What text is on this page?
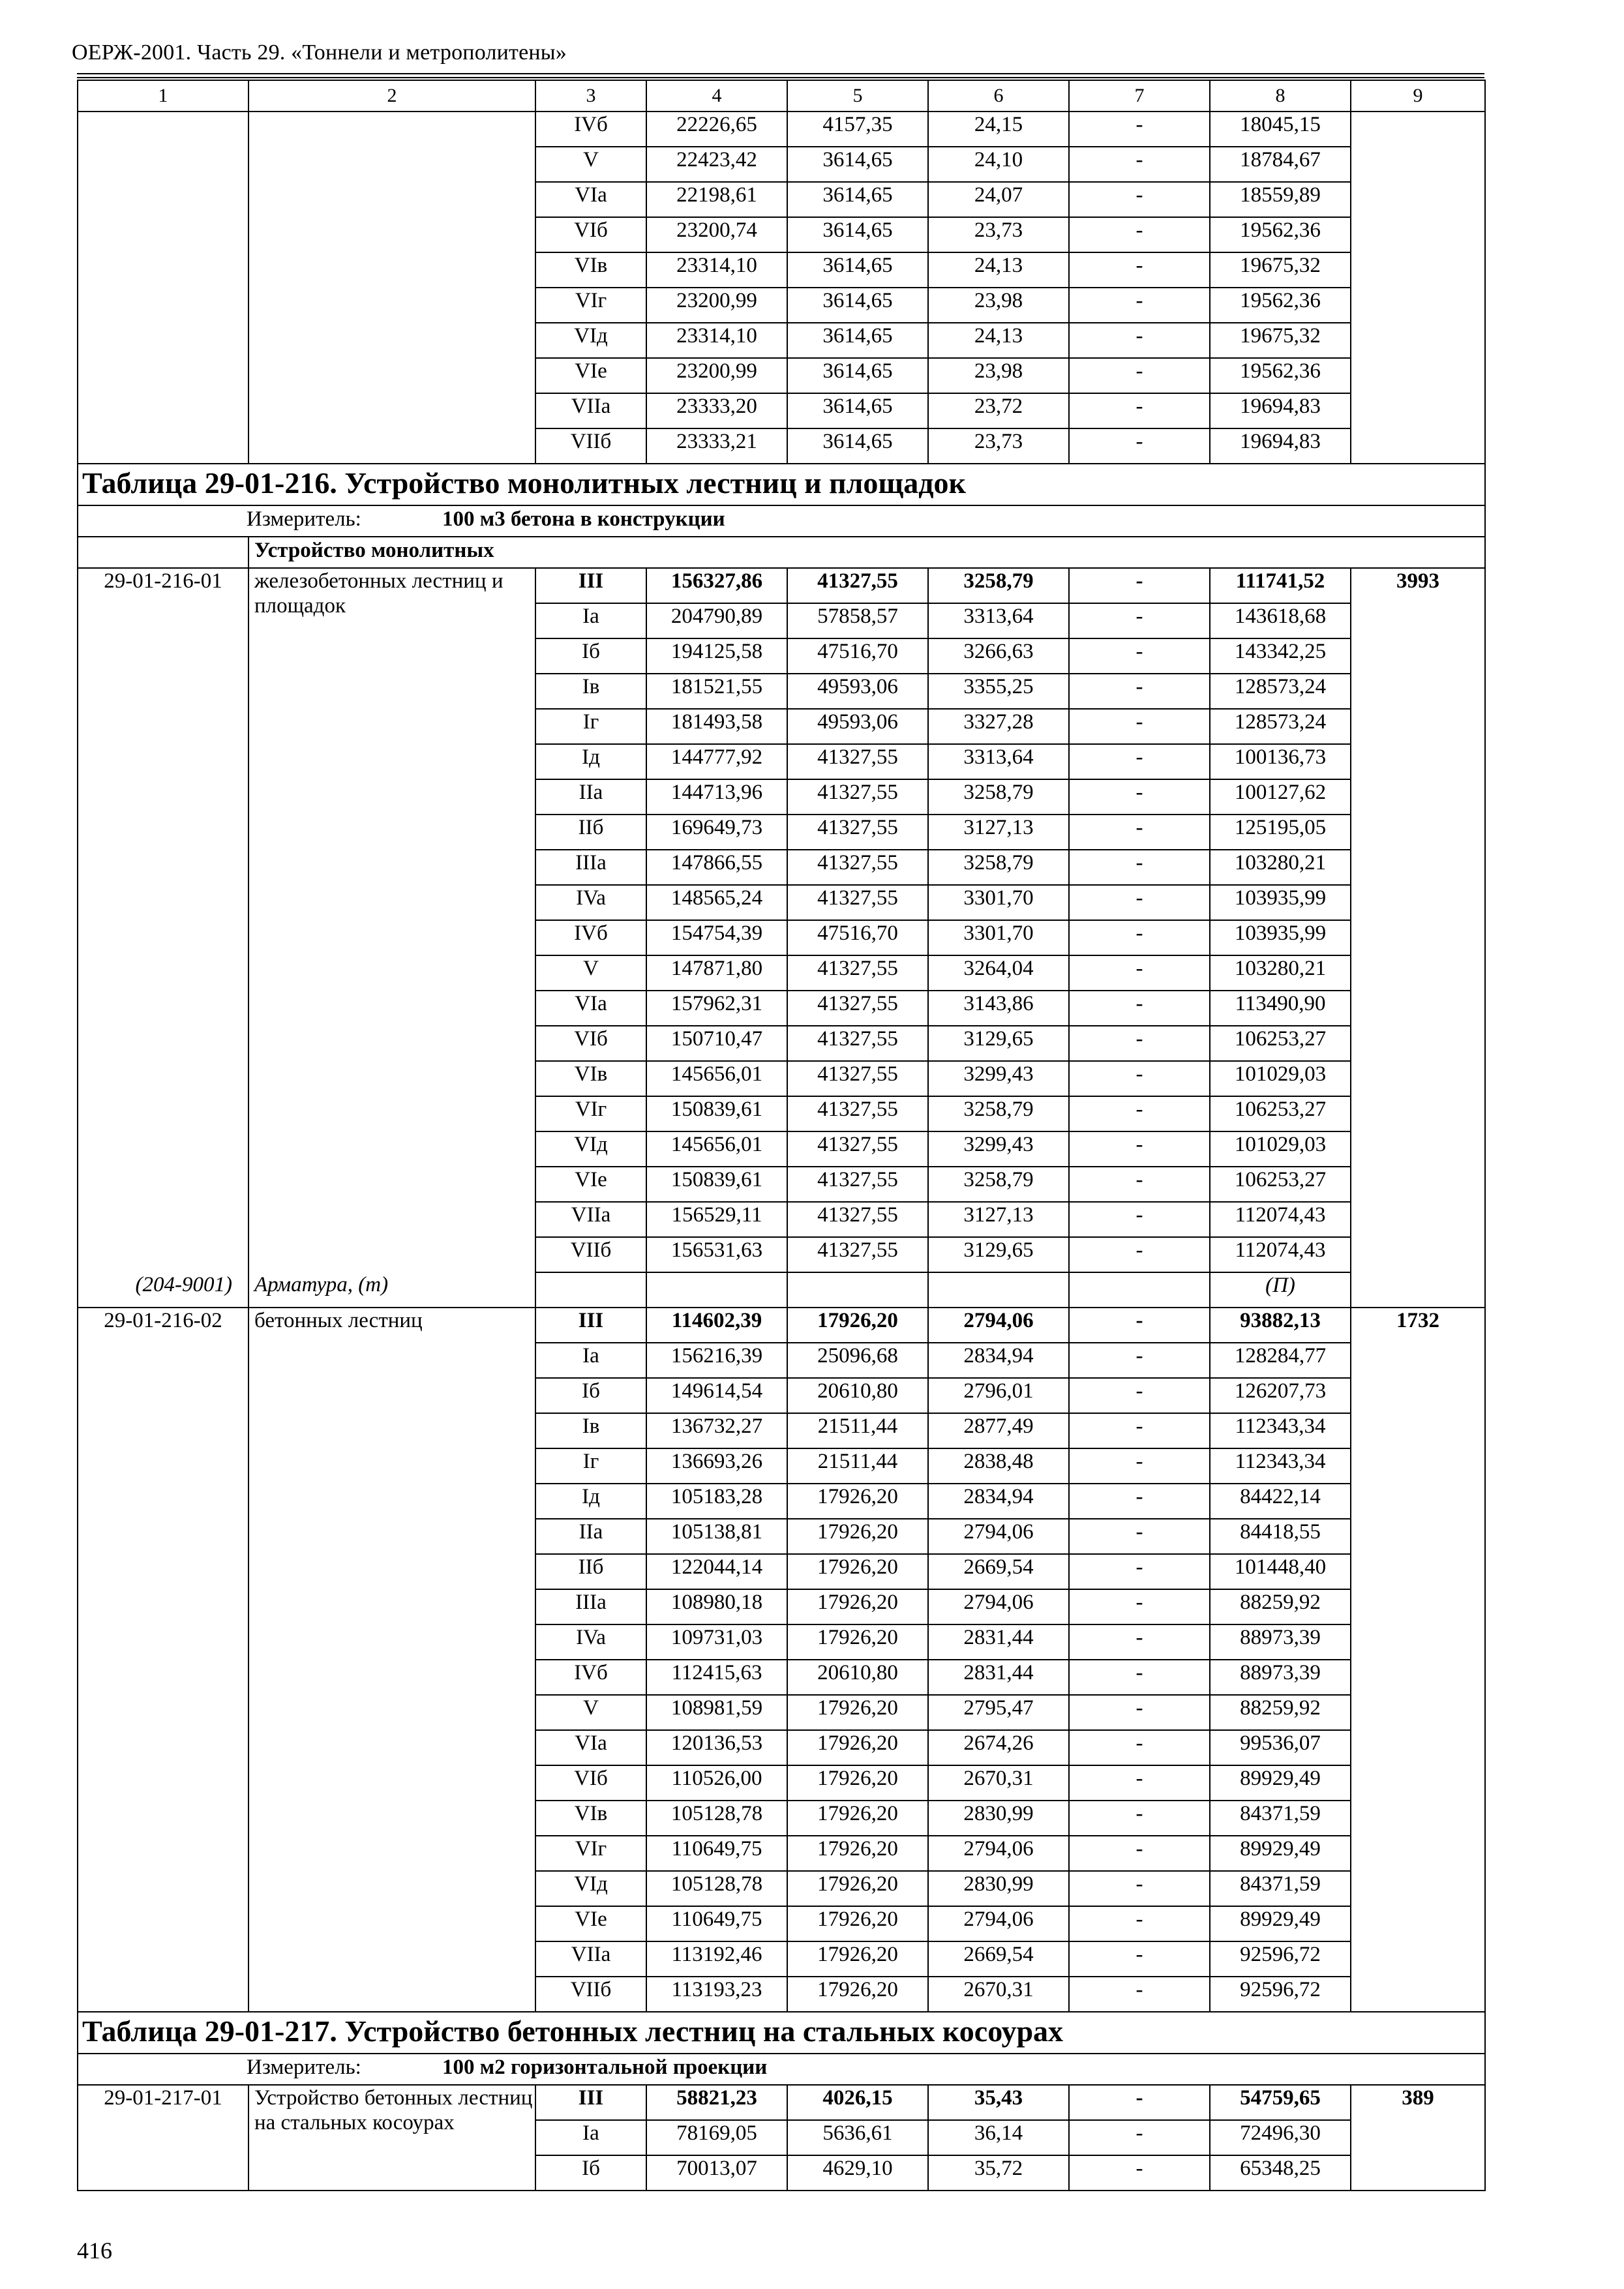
ОЕРЖ-2001. Часть 29. «Тоннели и метрополитены»
1	2	3	4	5	6	7	8	9
		IVб	22226,65	4157,35	24,15	-	18045,15	
		V	22423,42	3614,65	24,10	-	18784,67	
		VIa	22198,61	3614,65	24,07	-	18559,89	
		VIб	23200,74	3614,65	23,73	-	19562,36	
		VIв	23314,10	3614,65	24,13	-	19675,32	
		VIг	23200,99	3614,65	23,98	-	19562,36	
		VIд	23314,10	3614,65	24,13	-	19675,32	
		VIe	23200,99	3614,65	23,98	-	19562,36	
		VIIa	23333,20	3614,65	23,72	-	19694,83	
		VIIб	23333,21	3614,65	23,73	-	19694,83	
Таблица 29-01-216. Устройство монолитных лестниц и площадок								
Измеритель: 100 м3 бетона в конструкции								
	Устройство монолитных							
29-01-216-01	железобетонных лестниц и площадок	III	156327,86	41327,55	3258,79	-	111741,52	3993
		Ia	204790,89	57858,57	3313,64	-	143618,68	
		Iб	194125,58	47516,70	3266,63	-	143342,25	
		Iв	181521,55	49593,06	3355,25	-	128573,24	
		Iг	181493,58	49593,06	3327,28	-	128573,24	
		Iд	144777,92	41327,55	3313,64	-	100136,73	
		IIa	144713,96	41327,55	3258,79	-	100127,62	
		IIб	169649,73	41327,55	3127,13	-	125195,05	
		IIIa	147866,55	41327,55	3258,79	-	103280,21	
		IVa	148565,24	41327,55	3301,70	-	103935,99	
		IVб	154754,39	47516,70	3301,70	-	103935,99	
		V	147871,80	41327,55	3264,04	-	103280,21	
		VIa	157962,31	41327,55	3143,86	-	113490,90	
		VIб	150710,47	41327,55	3129,65	-	106253,27	
		VIв	145656,01	41327,55	3299,43	-	101029,03	
		VIг	150839,61	41327,55	3258,79	-	106253,27	
		VIд	145656,01	41327,55	3299,43	-	101029,03	
		VIe	150839,61	41327,55	3258,79	-	106253,27	
		VIIa	156529,11	41327,55	3127,13	-	112074,43	
		VIIб	156531,63	41327,55	3129,65	-	112074,43	
(204-9001)	Арматура, (т)						(П)	
29-01-216-02	бетонных лестниц	III	114602,39	17926,20	2794,06	-	93882,13	1732
		Ia	156216,39	25096,68	2834,94	-	128284,77	
		Iб	149614,54	20610,80	2796,01	-	126207,73	
		Iв	136732,27	21511,44	2877,49	-	112343,34	
		Iг	136693,26	21511,44	2838,48	-	112343,34	
		Iд	105183,28	17926,20	2834,94	-	84422,14	
		IIa	105138,81	17926,20	2794,06	-	84418,55	
		IIб	122044,14	17926,20	2669,54	-	101448,40	
		IIIa	108980,18	17926,20	2794,06	-	88259,92	
		IVa	109731,03	17926,20	2831,44	-	88973,39	
		IVб	112415,63	20610,80	2831,44	-	88973,39	
		V	108981,59	17926,20	2795,47	-	88259,92	
		VIa	120136,53	17926,20	2674,26	-	99536,07	
		VIб	110526,00	17926,20	2670,31	-	89929,49	
		VIв	105128,78	17926,20	2830,99	-	84371,59	
		VIг	110649,75	17926,20	2794,06	-	89929,49	
		VIд	105128,78	17926,20	2830,99	-	84371,59	
		VIe	110649,75	17926,20	2794,06	-	89929,49	
		VIIa	113192,46	17926,20	2669,54	-	92596,72	
		VIIб	113193,23	17926,20	2670,31	-	92596,72	
Таблица 29-01-217. Устройство бетонных лестниц на стальных косоурах								
Измеритель: 100 м2 горизонтальной проекции								
29-01-217-01	Устройство бетонных лестниц на стальных косоурах	III	58821,23	4026,15	35,43	-	54759,65	389
		Ia	78169,05	5636,61	36,14	-	72496,30	
		Iб	70013,07	4629,10	35,72	-	65348,25	
416
